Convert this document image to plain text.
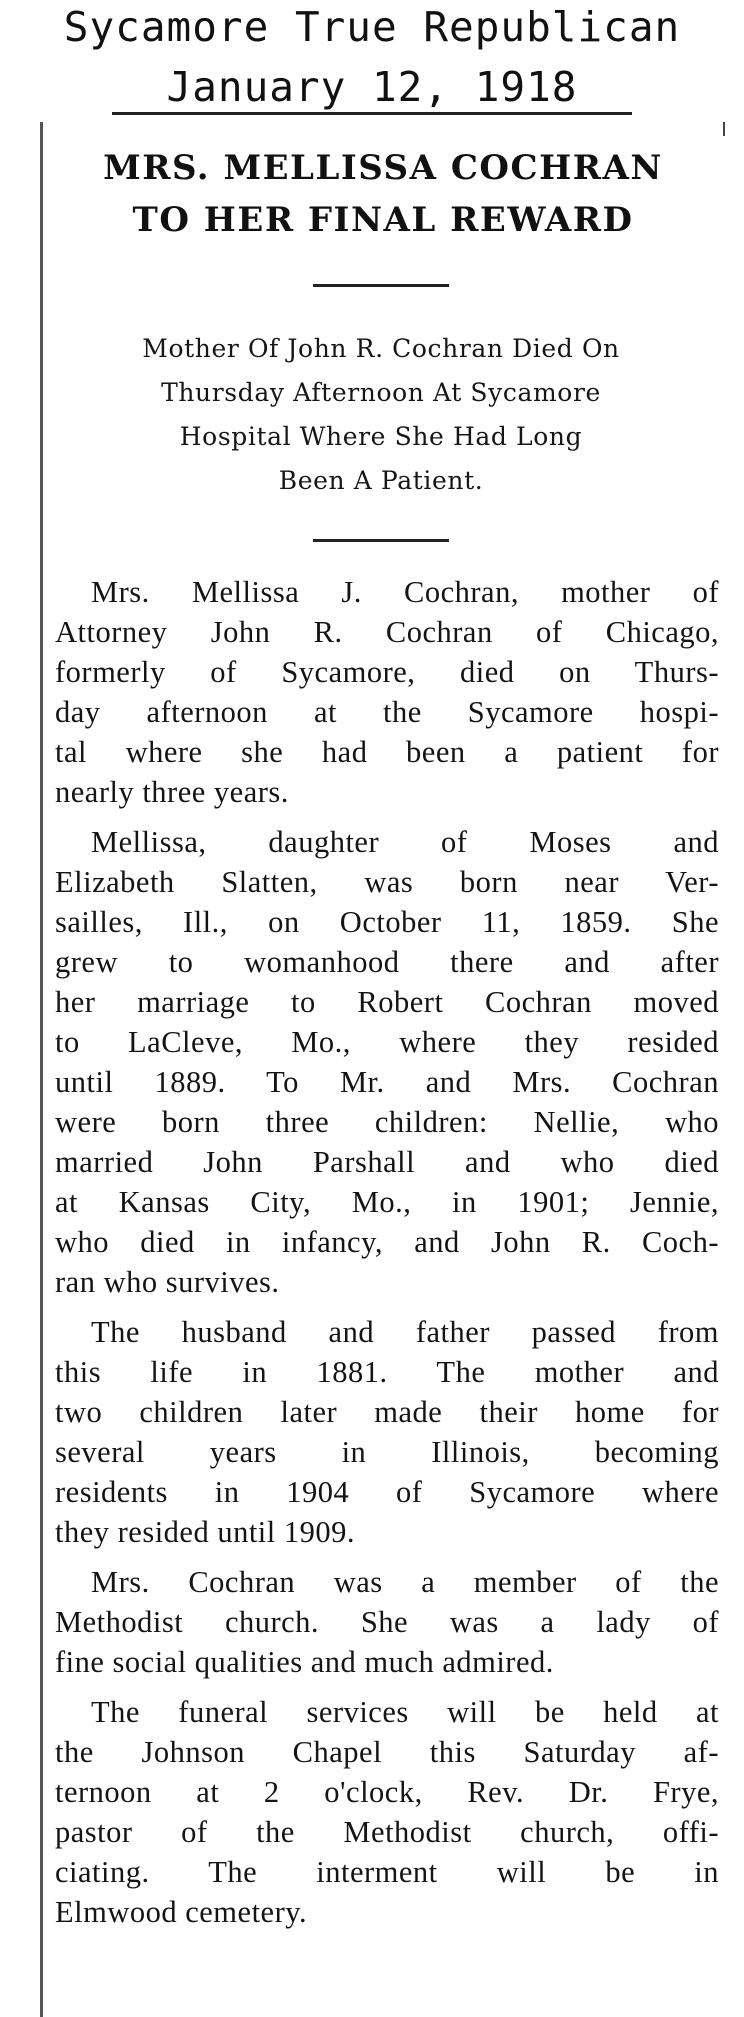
Sycamore True Republican
January 12, 1918
MRS. MELLISSA COCHRAN
TO HER FINAL REWARD
Mother Of John R. Cochran Died On
Thursday Afternoon At Sycamore
Hospital Where She Had Long
Been A Patient.
Mrs. Mellissa J. Cochran, mother of
Attorney John R. Cochran of Chicago,
formerly of Sycamore, died on Thurs-
day afternoon at the Sycamore hospi-
tal where she had been a patient for
nearly three years.
Mellissa, daughter of Moses and
Elizabeth Slatten, was born near Ver-
sailles, Ill., on October 11, 1859. She
grew to womanhood there and after
her marriage to Robert Cochran moved
to LaCleve, Mo., where they resided
until 1889. To Mr. and Mrs. Cochran
were born three children: Nellie, who
married John Parshall and who died
at Kansas City, Mo., in 1901; Jennie,
who died in infancy, and John R. Coch-
ran who survives.
The husband and father passed from
this life in 1881. The mother and
two children later made their home for
several years in Illinois, becoming
residents in 1904 of Sycamore where
they resided until 1909.
Mrs. Cochran was a member of the
Methodist church. She was a lady of
fine social qualities and much admired.
The funeral services will be held at
the Johnson Chapel this Saturday af-
ternoon at 2 o'clock, Rev. Dr. Frye,
pastor of the Methodist church, offi-
ciating. The interment will be in
Elmwood cemetery.
